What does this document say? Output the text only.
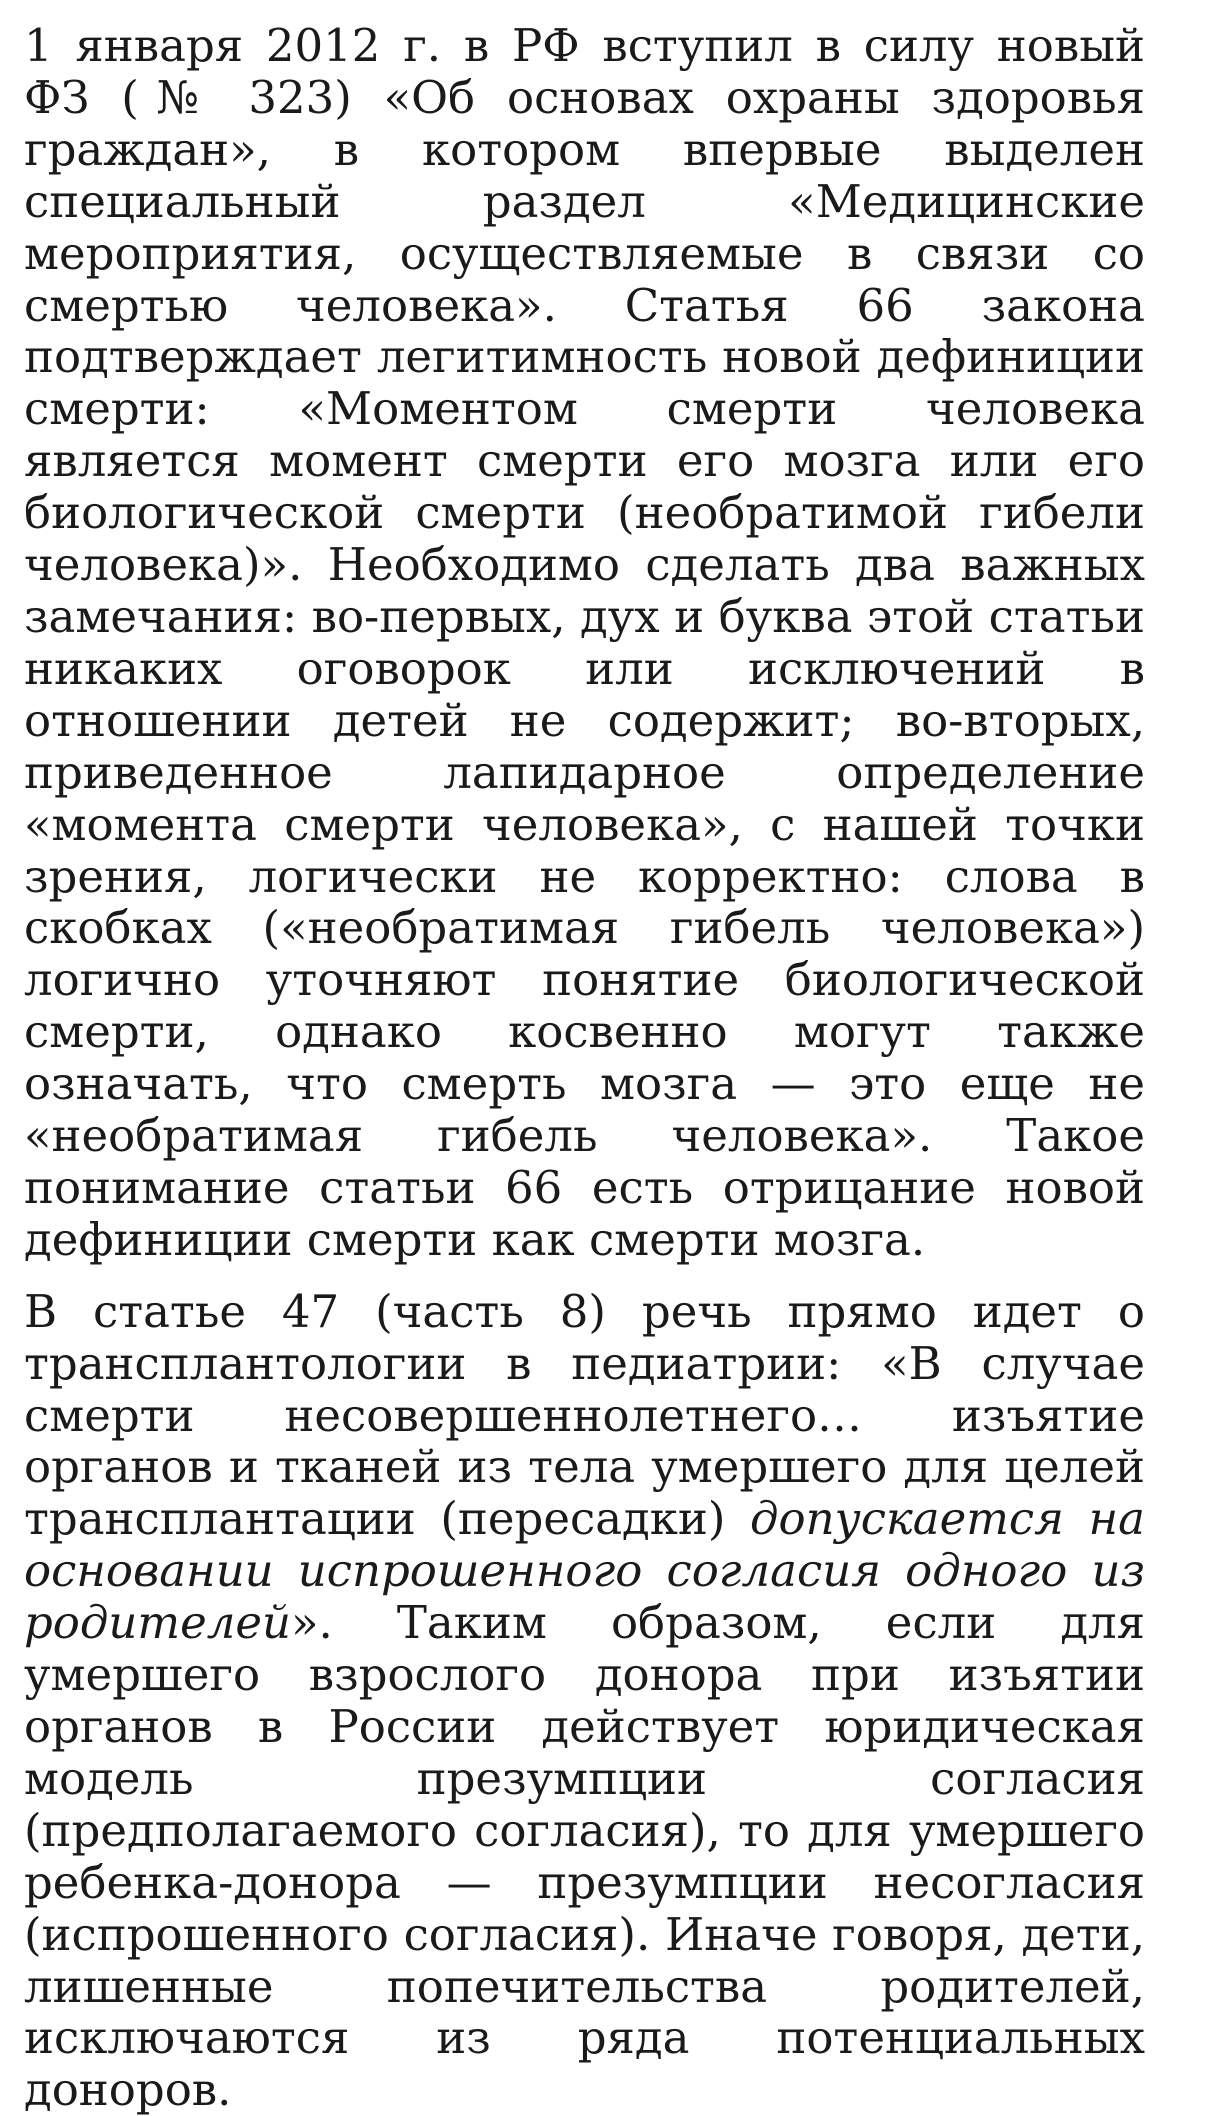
1 января 2012 г. в РФ вступил в силу новый ФЗ (№ 323) «Об основах охраны здоровья граждан», в котором впервые выделен специальный раздел «Медицинские мероприятия, осуществляемые в связи со смертью человека». Статья 66 закона подтверждает легитимность новой дефиниции смерти: «Моментом смерти человека является момент смерти его мозга или его биологической смерти (необратимой гибели человека)». Необходимо сделать два важных замечания: во-первых, дух и буква этой статьи никаких оговорок или исключений в отношении детей не содержит; во-вторых, приведенное лапидарное определение «момента смерти человека», с нашей точки зрения, логически не корректно: слова в скобках («необратимая гибель человека») логично уточняют понятие биологической смерти, однако косвенно могут также означать, что смерть мозга — это еще не «необратимая гибель человека». Такое понимание статьи 66 есть отрицание новой дефиниции смерти как смерти мозга.

В статье 47 (часть 8) речь прямо идет о трансплантологии в педиатрии: «В случае смерти несовершеннолетнего… изъятие органов и тканей из тела умершего для целей трансплантации (пересадки) допускается на основании испрошенного согласия одного из родителей». Таким образом, если для умершего взрослого донора при изъятии органов в России действует юридическая модель презумпции согласия (предполагаемого согласия), то для умершего ребенка-донора — презумпции несогласия (испрошенного согласия). Иначе говоря, дети, лишенные попечительства родителей, исключаются из ряда потенциальных доноров.
